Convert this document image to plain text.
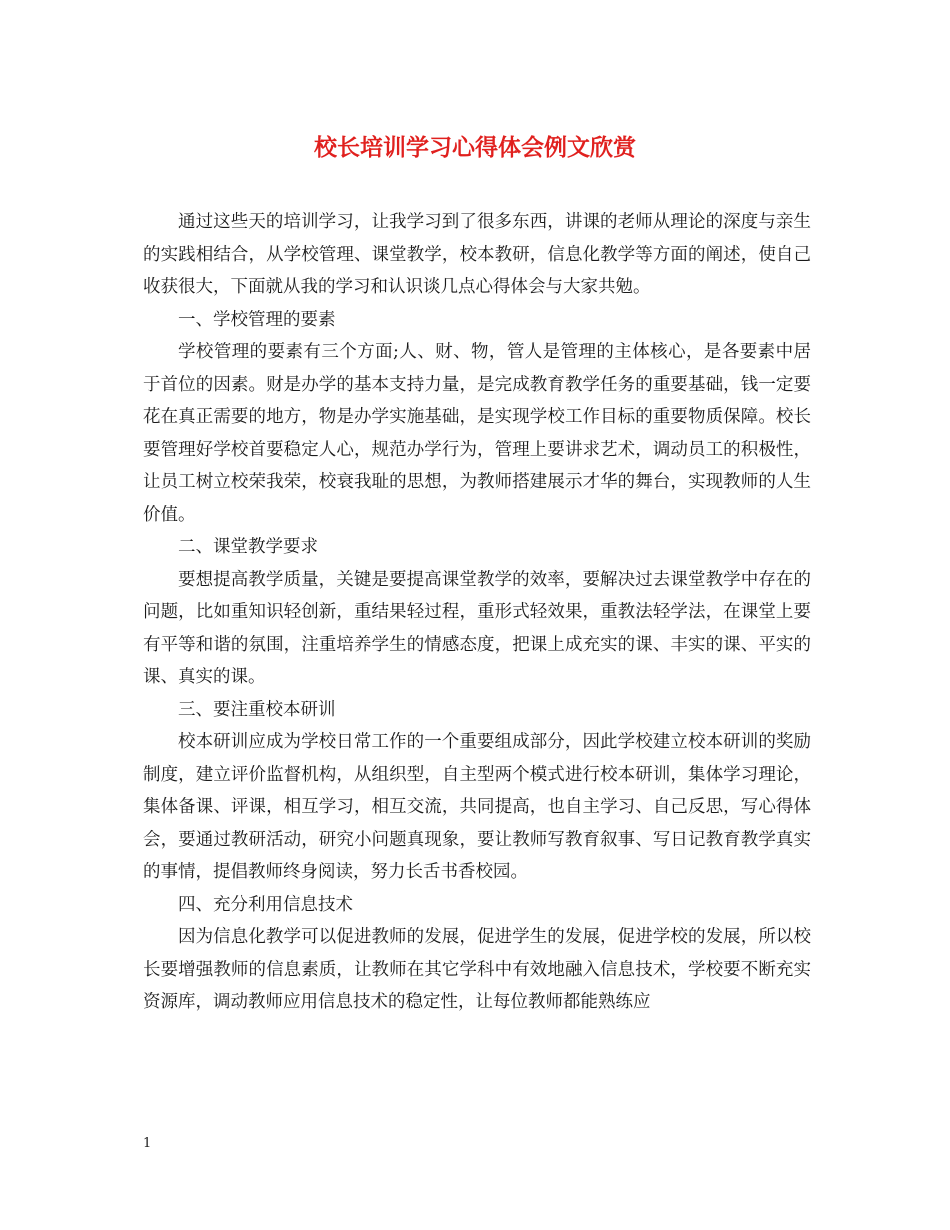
校长培训学习心得体会例文欣赏

通过这些天的培训学习，让我学习到了很多东西，讲课的老师从理论的深度与亲生的实践相结合，从学校管理、课堂教学，校本教研，信息化教学等方面的阐述，使自己收获很大，下面就从我的学习和认识谈几点心得体会与大家共勉。

一、学校管理的要素

学校管理的要素有三个方面;人、财、物，管人是管理的主体核心，是各要素中居于首位的因素。财是办学的基本支持力量，是完成教育教学任务的重要基础，钱一定要花在真正需要的地方，物是办学实施基础，是实现学校工作目标的重要物质保障。校长要管理好学校首要稳定人心，规范办学行为，管理上要讲求艺术，调动员工的积极性，让员工树立校荣我荣，校衰我耻的思想，为教师搭建展示才华的舞台，实现教师的人生价值。

二、课堂教学要求

要想提高教学质量，关键是要提高课堂教学的效率，要解决过去课堂教学中存在的问题，比如重知识轻创新，重结果轻过程，重形式轻效果，重教法轻学法，在课堂上要有平等和谐的氛围，注重培养学生的情感态度，把课上成充实的课、丰实的课、平实的课、真实的课。

三、要注重校本研训

校本研训应成为学校日常工作的一个重要组成部分，因此学校建立校本研训的奖励制度，建立评价监督机构，从组织型，自主型两个模式进行校本研训，集体学习理论，集体备课、评课，相互学习，相互交流，共同提高，也自主学习、自己反思，写心得体会，要通过教研活动，研究小问题真现象，要让教师写教育叙事、写日记教育教学真实的事情，提倡教师终身阅读，努力长舌书香校园。

四、充分利用信息技术

因为信息化教学可以促进教师的发展，促进学生的发展，促进学校的发展，所以校长要增强教师的信息素质，让教师在其它学科中有效地融入信息技术，学校要不断充实资源库，调动教师应用信息技术的稳定性，让每位教师都能熟练应

1
